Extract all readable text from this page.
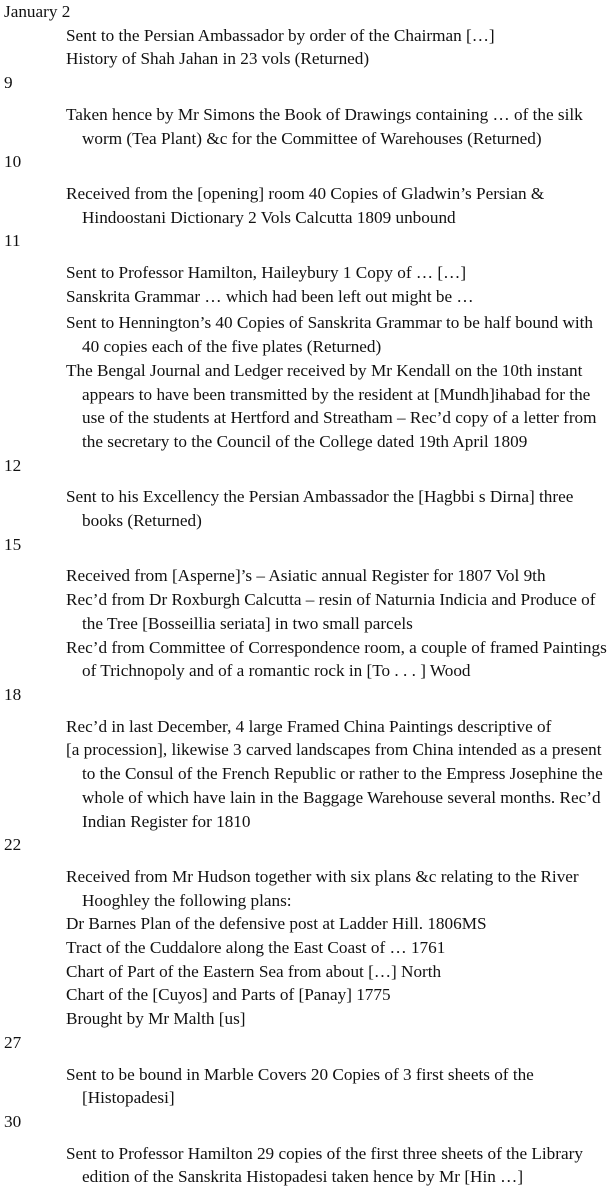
January 2

Sent to the Persian Ambassador by order of the Chairman […]

History of Shah Jahan in 23 vols (Returned)

9

Taken hence by Mr Simons the Book of Drawings containing … of the silk worm (Tea Plant) &c for the Committee of Warehouses (Returned)

10

Received from the [opening] room 40 Copies of Gladwin’s Persian & Hindoostani Dictionary 2 Vols Calcutta 1809 unbound

11

Sent to Professor Hamilton, Haileybury 1 Copy of … […]

Sanskrita Grammar … which had been left out might be …

Sent to Hennington’s 40 Copies of Sanskrita Grammar to be half bound with 40 copies each of the five plates (Returned)

The Bengal Journal and Ledger received by Mr Kendall on the 10th instant appears to have been transmitted by the resident at [Mundh]ihabad for the use of the students at Hertford and Streatham – Rec’d copy of a letter from the secretary to the Council of the College dated 19th April 1809

12

Sent to his Excellency the Persian Ambassador the [Hagbbi s Dirna] three books (Returned)

15

Received from [Asperne]’s – Asiatic annual Register for 1807 Vol 9th

Rec’d from Dr Roxburgh Calcutta – resin of Naturnia Indicia and Produce of the Tree [Bosseillia seriata] in two small parcels

Rec’d from Committee of Correspondence room, a couple of framed Paintings of Trichnopoly and of a romantic rock in [To . . . ] Wood

18

Rec’d in last December, 4 large Framed China Paintings descriptive of

[a procession], likewise 3 carved landscapes from China intended as a present to the Consul of the French Republic or rather to the Empress Josephine the whole of which have lain in the Baggage Warehouse several months. Rec’d Indian Register for 1810

22

Received from Mr Hudson together with six plans &c relating to the River Hooghley the following plans:

Dr Barnes Plan of the defensive post at Ladder Hill. 1806MS

Tract of the Cuddalore along the East Coast of … 1761

Chart of Part of the Eastern Sea from about […] North

Chart of the [Cuyos] and Parts of [Panay] 1775

Brought by Mr Malth [us]

27

Sent to be bound in Marble Covers 20 Copies of 3 first sheets of the [Histopadesi]

30

Sent to Professor Hamilton 29 copies of the first three sheets of the Library edition of the Sanskrita Histopadesi taken hence by Mr [Hin …]
